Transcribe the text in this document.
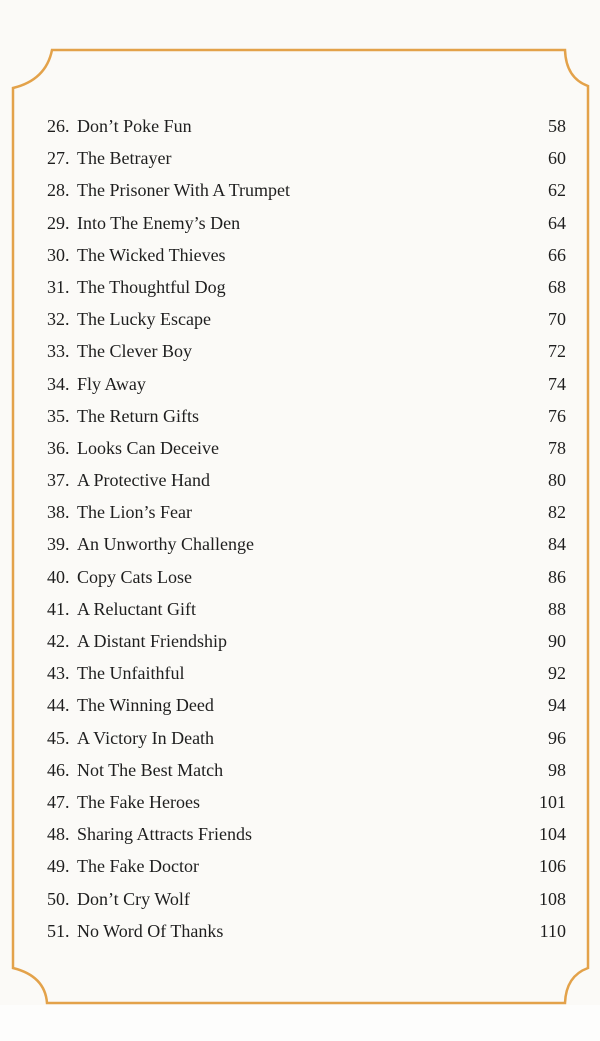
26. Don’t Poke Fun	58
27. The Betrayer	60
28. The Prisoner With A Trumpet	62
29. Into The Enemy’s Den	64
30. The Wicked Thieves	66
31. The Thoughtful Dog	68
32. The Lucky Escape	70
33. The Clever Boy	72
34. Fly Away	74
35. The Return Gifts	76
36. Looks Can Deceive	78
37. A Protective Hand	80
38. The Lion’s Fear	82
39. An Unworthy Challenge	84
40. Copy Cats Lose	86
41. A Reluctant Gift	88
42. A Distant Friendship	90
43. The Unfaithful	92
44. The Winning Deed	94
45. A Victory In Death	96
46. Not The Best Match	98
47. The Fake Heroes	101
48. Sharing Attracts Friends	104
49. The Fake Doctor	106
50. Don’t Cry Wolf	108
51. No Word Of Thanks	110
